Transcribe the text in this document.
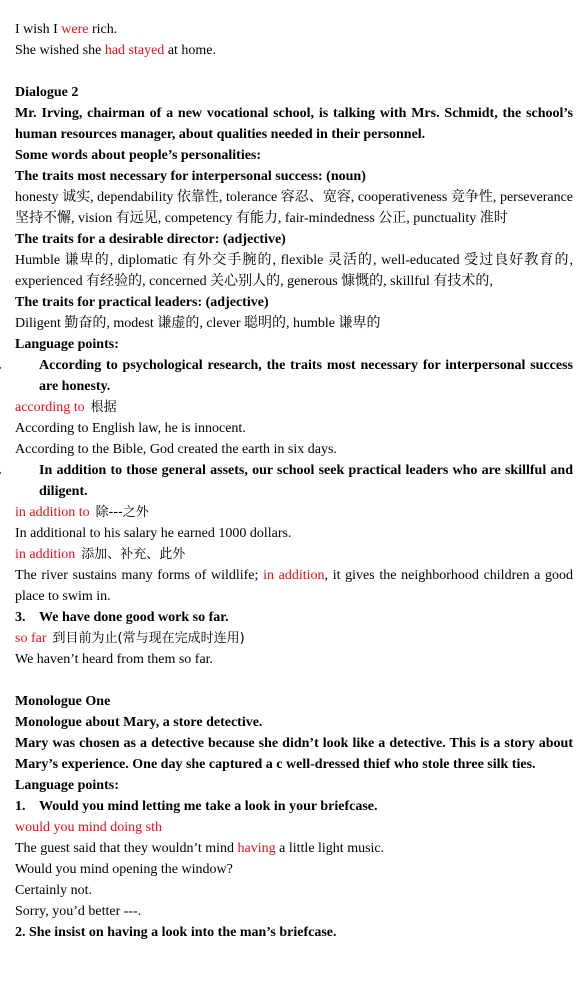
I wish I were rich.
She wished she had stayed at home.
Dialogue 2
Mr. Irving, chairman of a new vocational school, is talking with Mrs. Schmidt, the school’s human resources manager, about qualities needed in their personnel.
Some words about people’s personalities:
The traits most necessary for interpersonal success: (noun)
honesty 诚实, dependability 依靠性, tolerance 容忍、宽容, cooperativeness 竞争性, perseverance 坚持不懈, vision 有远见, competency 有能力, fair-mindedness 公正, punctuality 准时
The traits for a desirable director: (adjective)
Humble 谦卑的, diplomatic 有外交手腕的, flexible 灵活的, well-educated 受过良好教育的, experienced 有经验的, concerned 关心别人的, generous 慷慨的, skillful 有技术的,
The traits for practical leaders: (adjective)
Diligent 勤奋的, modest 谦虚的, clever 聪明的, humble 谦卑的
Language points:
According to psychological research, the traits most necessary for interpersonal success are honesty.
according to 根据
According to English law, he is innocent.
According to the Bible, God created the earth in six days.
In addition to those general assets, our school seek practical leaders who are skillful and diligent.
in addition to 除---之外
In additional to his salary he earned 1000 dollars.
in addition 添加、补充、此外
The river sustains many forms of wildlife; in addition, it gives the neighborhood children a good place to swim in.
3. We have done good work so far.
so far 到目前为止(常与现在完成时连用)
We haven’t heard from them so far.
Monologue One
Monologue about Mary, a store detective.
Mary was chosen as a detective because she didn’t look like a detective. This is a story about Mary’s experience. One day she captured a c well-dressed thief who stole three silk ties.
Language points:
1. Would you mind letting me take a look in your briefcase.
would you mind doing sth
The guest said that they wouldn’t mind having a little light music.
Would you mind opening the window?
Certainly not.
Sorry, you’d better ---.
2. She insist on having a look into the man’s briefcase.
